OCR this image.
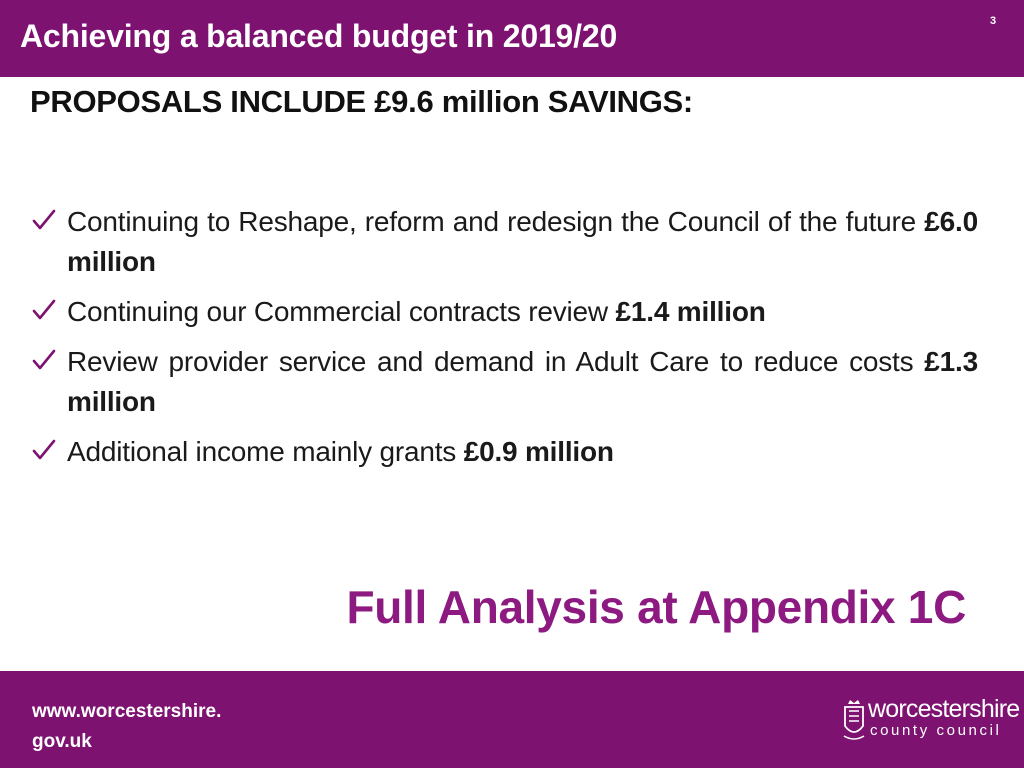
Achieving a balanced budget in 2019/20	3
PROPOSALS INCLUDE £9.6 million SAVINGS:
Continuing to Reshape, reform and redesign the Council of the future £6.0 million
Continuing our Commercial contracts review £1.4 million
Review provider service and demand in Adult Care to reduce costs £1.3 million
Additional income mainly grants £0.9 million
Full Analysis at Appendix 1C
www.worcestershire.
gov.uk
worcestershire
county council
